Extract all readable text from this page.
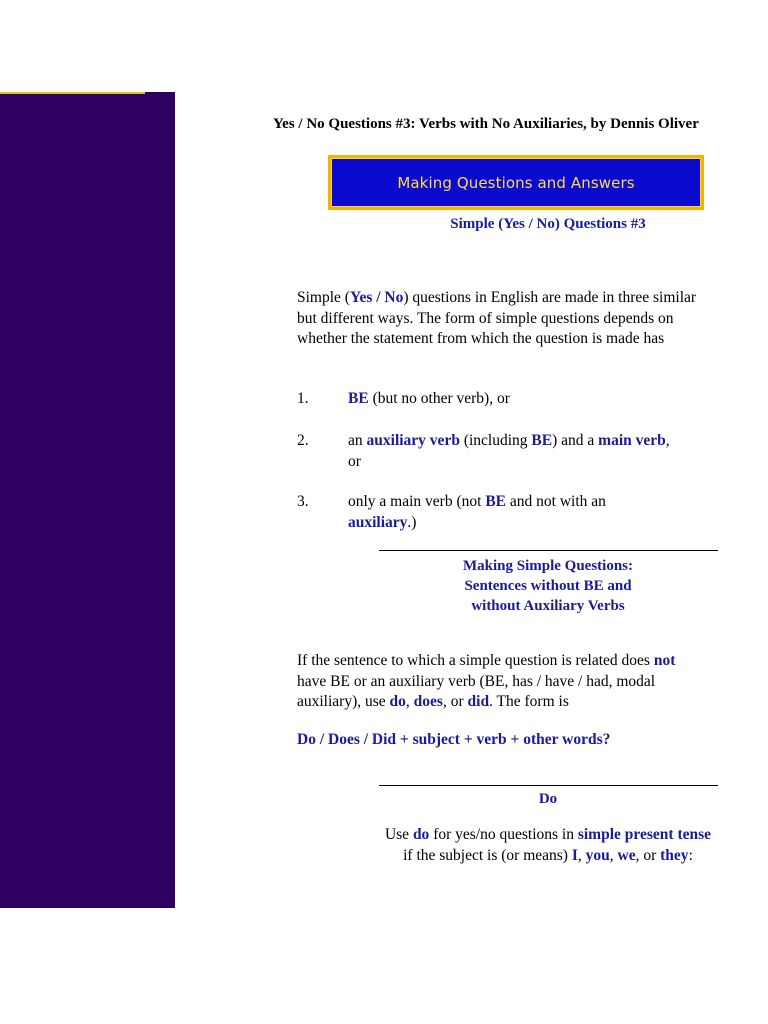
Yes / No Questions #3: Verbs with No Auxiliaries, by Dennis Oliver
Making Questions and Answers
Simple (Yes / No) Questions #3
Simple (Yes / No) questions in English are made in three similar but different ways. The form of simple questions depends on whether the statement from which the question is made has
1.	BE (but no other verb), or
2.	an auxiliary verb (including BE) and a main verb, or
3.	only a main verb (not BE and not with an auxiliary.)
Making Simple Questions:
Sentences without BE and
without Auxiliary Verbs
If the sentence to which a simple question is related does not have BE or an auxiliary verb (BE, has / have / had, modal auxiliary), use do, does, or did. The form is
Do / Does / Did + subject + verb + other words?
Do
Use do for yes/no questions in simple present tense
if the subject is (or means) I, you, we, or they:
